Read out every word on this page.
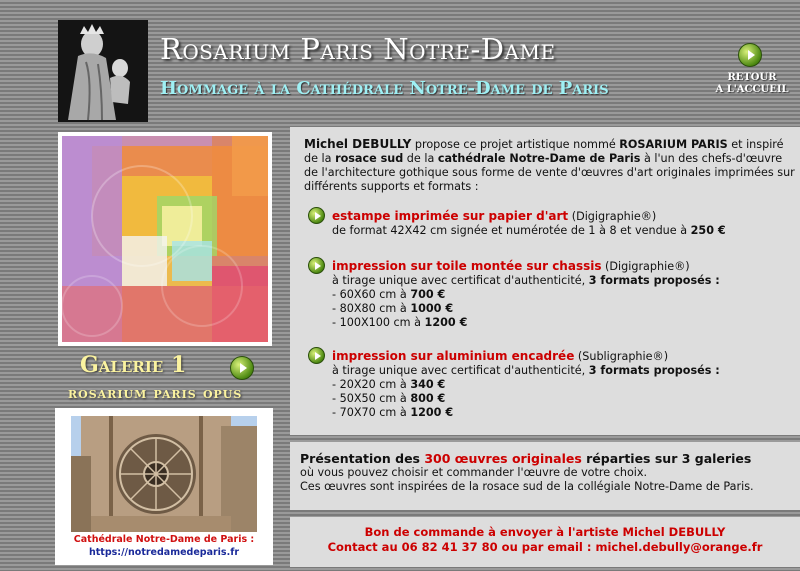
Rosarium Paris Notre-Dame
Hommage à la Cathédrale Notre-Dame de Paris
RETOUR
A L'ACCUEIL
Galerie 1
rosarium paris opus
Cathédrale Notre-Dame de Paris :
https://notredamedeparis.fr
Michel DEBULLY propose ce projet artistique nommé ROSARIUM PARIS et inspiré de la rosace sud de la cathédrale Notre-Dame de Paris à l'un des chefs-d'œuvre de l'architecture gothique sous forme de vente d'œuvres d'art originales imprimées sur différents supports et formats :
estampe imprimée sur papier d'art (Digigraphie®)
de format 42X42 cm signée et numérotée de 1 à 8 et vendue à 250 €
impression sur toile montée sur chassis (Digigraphie®)
à tirage unique avec certificat d'authenticité, 3 formats proposés :
- 60X60 cm à 700 €
- 80X80 cm à 1000 €
- 100X100 cm à 1200 €
impression sur aluminium encadrée (Subligraphie®)
à tirage unique avec certificat d'authenticité, 3 formats proposés :
- 20X20 cm à 340 €
- 50X50 cm à 800 €
- 70X70 cm à 1200 €
Présentation des 300 œuvres originales réparties sur 3 galeries
où vous pouvez choisir et commander l'œuvre de votre choix.
Ces œuvres sont inspirées de la rosace sud de la collégiale Notre-Dame de Paris.
Bon de commande à envoyer à l'artiste Michel DEBULLY
Contact au 06 82 41 37 80 ou par email : michel.debully@orange.fr
